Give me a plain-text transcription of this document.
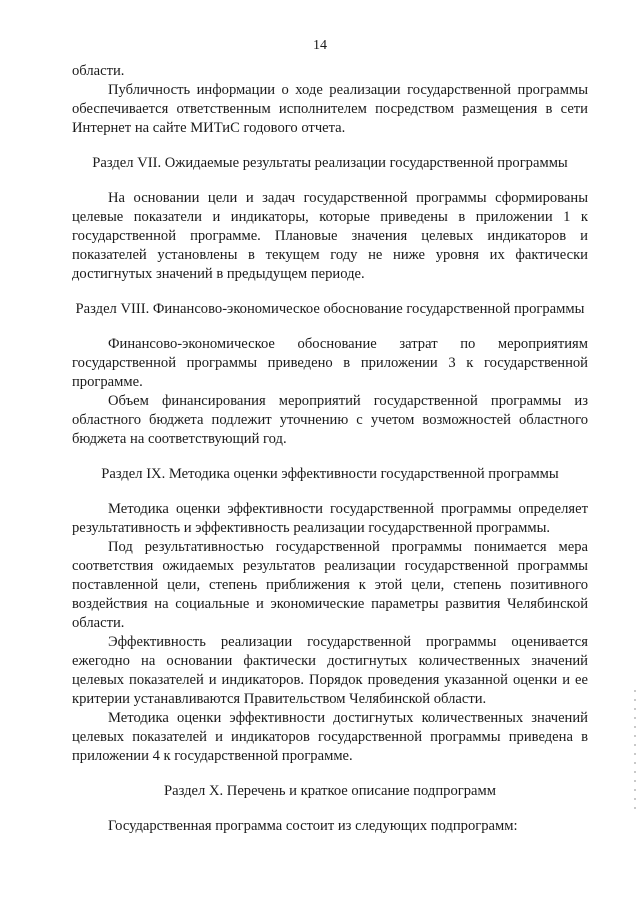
14

области.

Публичность информации о ходе реализации государственной программы обеспечивается ответственным исполнителем посредством размещения в сети Интернет на сайте МИТиС годового отчета.

Раздел VII. Ожидаемые результаты реализации государственной программы

На основании цели и задач государственной программы сформированы целевые показатели и индикаторы, которые приведены в приложении 1 к государственной программе. Плановые значения целевых индикаторов и показателей установлены в текущем году не ниже уровня их фактически достигнутых значений в предыдущем периоде.

Раздел VIII. Финансово-экономическое обоснование государственной программы

Финансово-экономическое обоснование затрат по мероприятиям государственной программы приведено в приложении 3 к государственной программе.

Объем финансирования мероприятий государственной программы из областного бюджета подлежит уточнению с учетом возможностей областного бюджета на соответствующий год.

Раздел IX. Методика оценки эффективности государственной программы

Методика оценки эффективности государственной программы определяет результативность и эффективность реализации государственной программы.

Под результативностью государственной программы понимается мера соответствия ожидаемых результатов реализации государственной программы поставленной цели, степень приближения к этой цели, степень позитивного воздействия на социальные и экономические параметры развития Челябинской области.

Эффективность реализации государственной программы оценивается ежегодно на основании фактически достигнутых количественных значений целевых показателей и индикаторов. Порядок проведения указанной оценки и ее критерии устанавливаются Правительством Челябинской области.

Методика оценки эффективности достигнутых количественных значений целевых показателей и индикаторов государственной программы приведена в приложении 4 к государственной программе.

Раздел X. Перечень и краткое описание подпрограмм

Государственная программа состоит из следующих подпрограмм:
